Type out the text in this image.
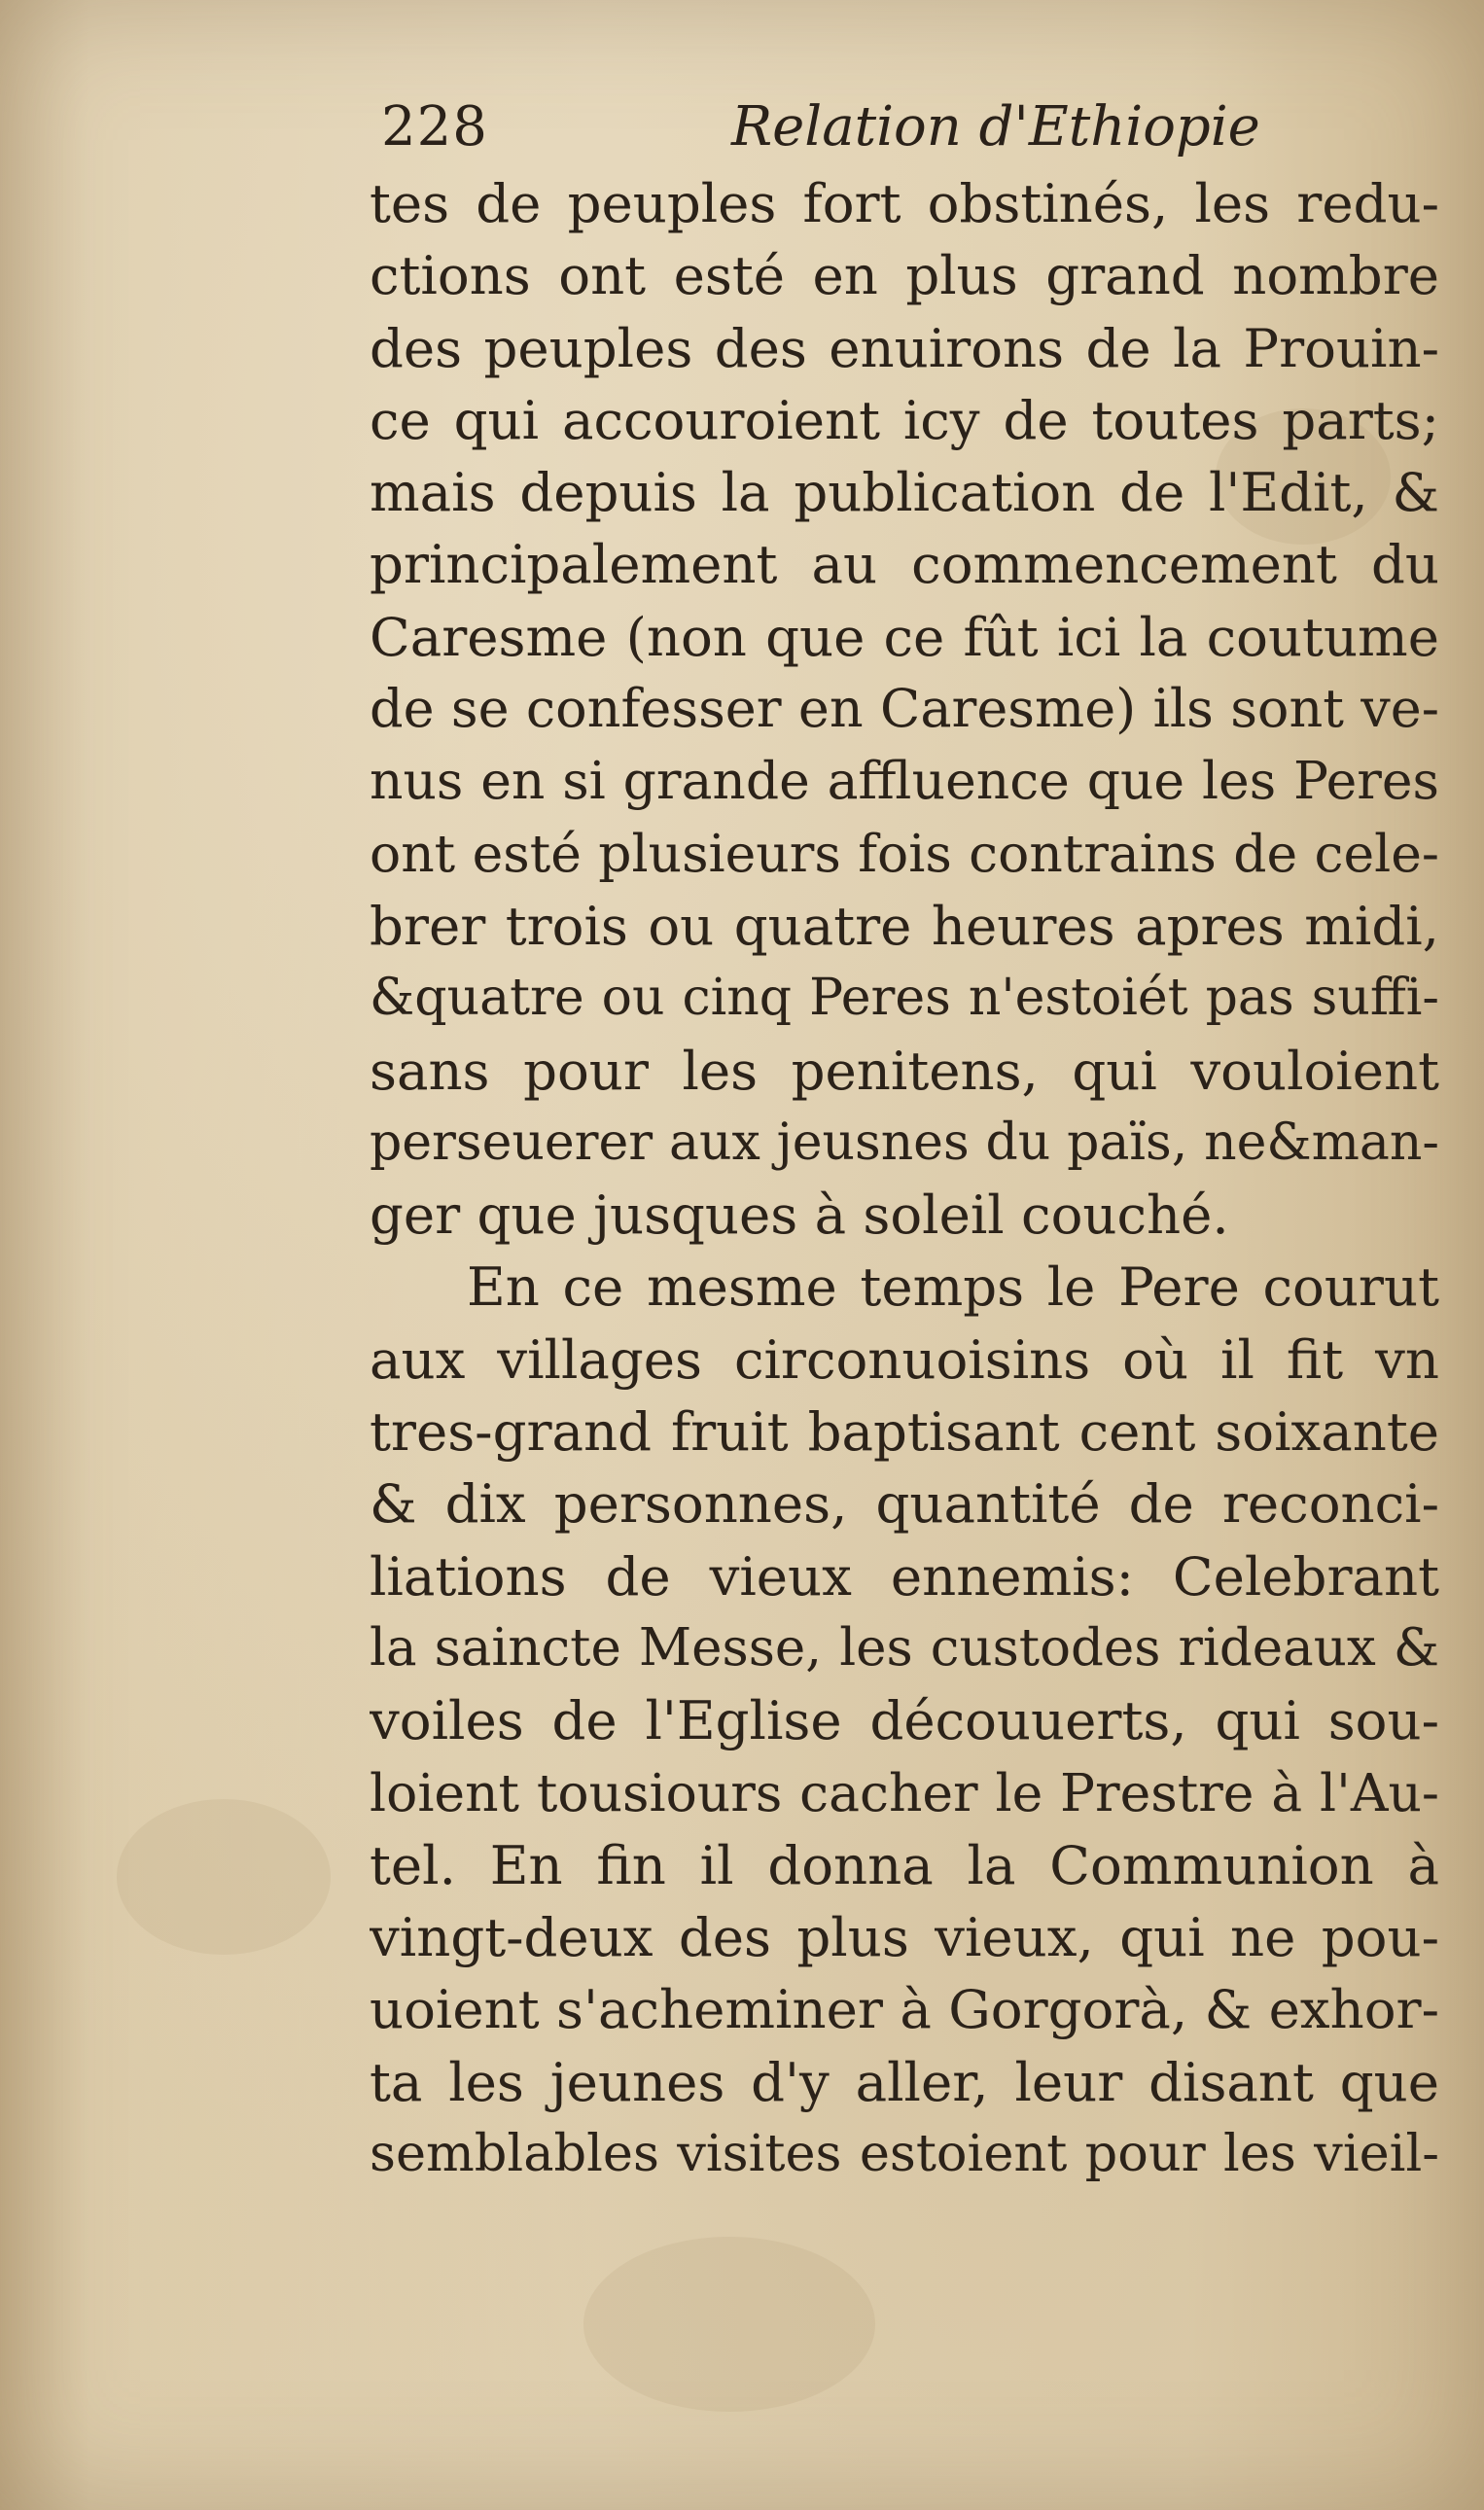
228	Relation d'Ethiopie
tes de peuples fort obstinés, les redu-
ctions ont esté en plus grand nombre
des peuples des enuirons de la Prouin-
ce qui accouroient icy de toutes parts;
mais depuis la publication de l'Edit, &
principalement au commencement du
Caresme (non que ce fût ici la coutume
de se confesser en Caresme) ils sont ve-
nus en si grande affluence que les Peres
ont esté plusieurs fois contrains de cele-
brer trois ou quatre heures apres midi,
&quatre ou cinq Peres n'estoiét pas suffi-
sans pour les penitens, qui vouloient
perseuerer aux jeusnes du païs, ne&man-
ger que jusques à soleil couché.
En ce mesme temps le Pere courut
aux villages circonuoisins où il fit vn
tres-grand fruit baptisant cent soixante
& dix personnes, quantité de reconci-
liations de vieux ennemis: Celebrant
la saincte Messe, les custodes rideaux &
voiles de l'Eglise découuerts, qui sou-
loient tousiours cacher le Prestre à l'Au-
tel. En fin il donna la Communion à
vingt-deux des plus vieux, qui ne pou-
uoient s'acheminer à Gorgorà, & exhor-
ta les jeunes d'y aller, leur disant que
semblables visites estoient pour les vieil-
